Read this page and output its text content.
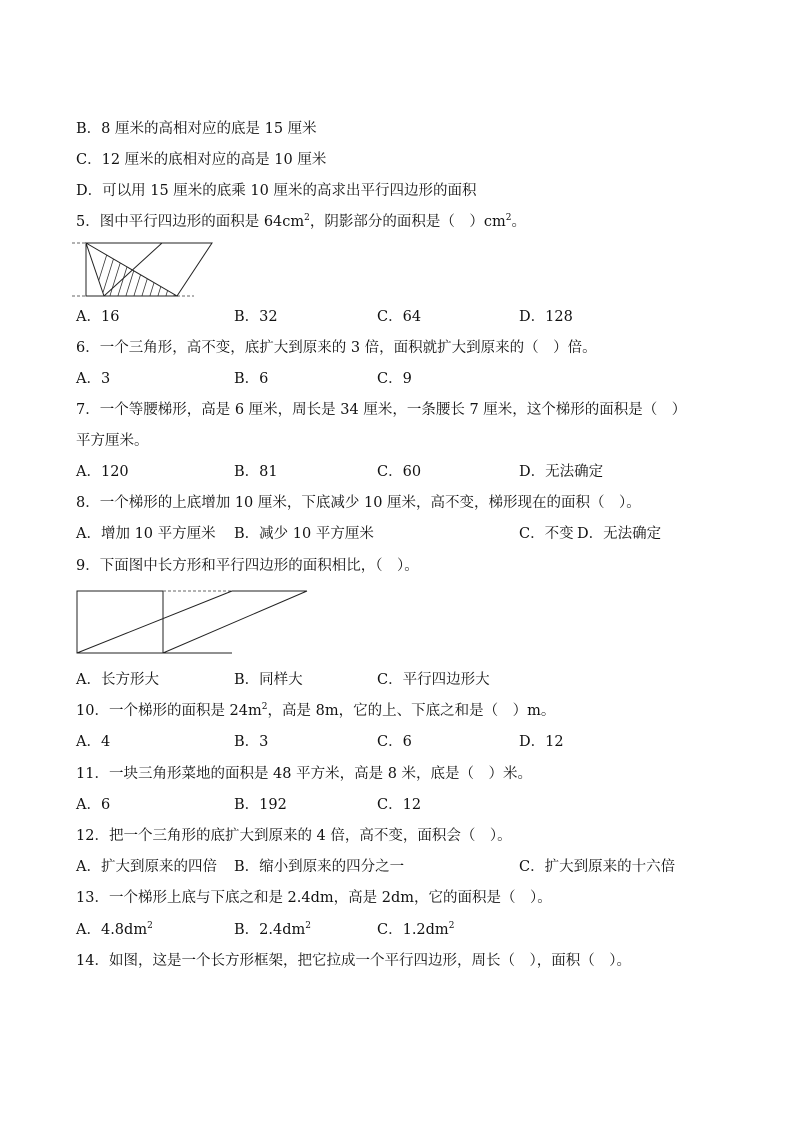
B．8 厘米的高相对应的底是 15 厘米
C．12 厘米的底相对应的高是 10 厘米
D．可以用 15 厘米的底乘 10 厘米的高求出平行四边形的面积
5．图中平行四边形的面积是 $64cm^2$，阴影部分的面积是（　）$cm^2$。
A．16	B．32	C．64	D．128
6．一个三角形，高不变，底扩大到原来的 3 倍，面积就扩大到原来的（　）倍。
A．3	B．6	C．9
7．一个等腰梯形，高是 6 厘米，周长是 34 厘米，一条腰长 7 厘米，这个梯形的面积是（　）
平方厘米。
A．120	B．81	C．60	D．无法确定
8．一个梯形的上底增加 10 厘米，下底减少 10 厘米，高不变，梯形现在的面积（　）。
A．增加 10 平方厘米 B．减少 10 平方厘米	C．不变 D．无法确定
9．下面图中长方形和平行四边形的面积相比，（　）。
A．长方形大	B．同样大	C．平行四边形大
10．一个梯形的面积是 $24m^2$，高是 8m，它的上、下底之和是（　）m。
A．4	B．3	C．6	D．12
11．一块三角形菜地的面积是 48 平方米，高是 8 米，底是（　）米。
A．6	B．192	C．12
12．把一个三角形的底扩大到原来的 4 倍，高不变，面积会（　）。
A．扩大到原来的四倍 B．缩小到原来的四分之一	C．扩大到原来的十六倍
13．一个梯形上底与下底之和是 2.4dm，高是 2dm，它的面积是（　）。
A．$4.8dm^2$	B．$2.4dm^2$	C．$1.2dm^2$
14．如图，这是一个长方形框架，把它拉成一个平行四边形，周长（　），面积（　）。
